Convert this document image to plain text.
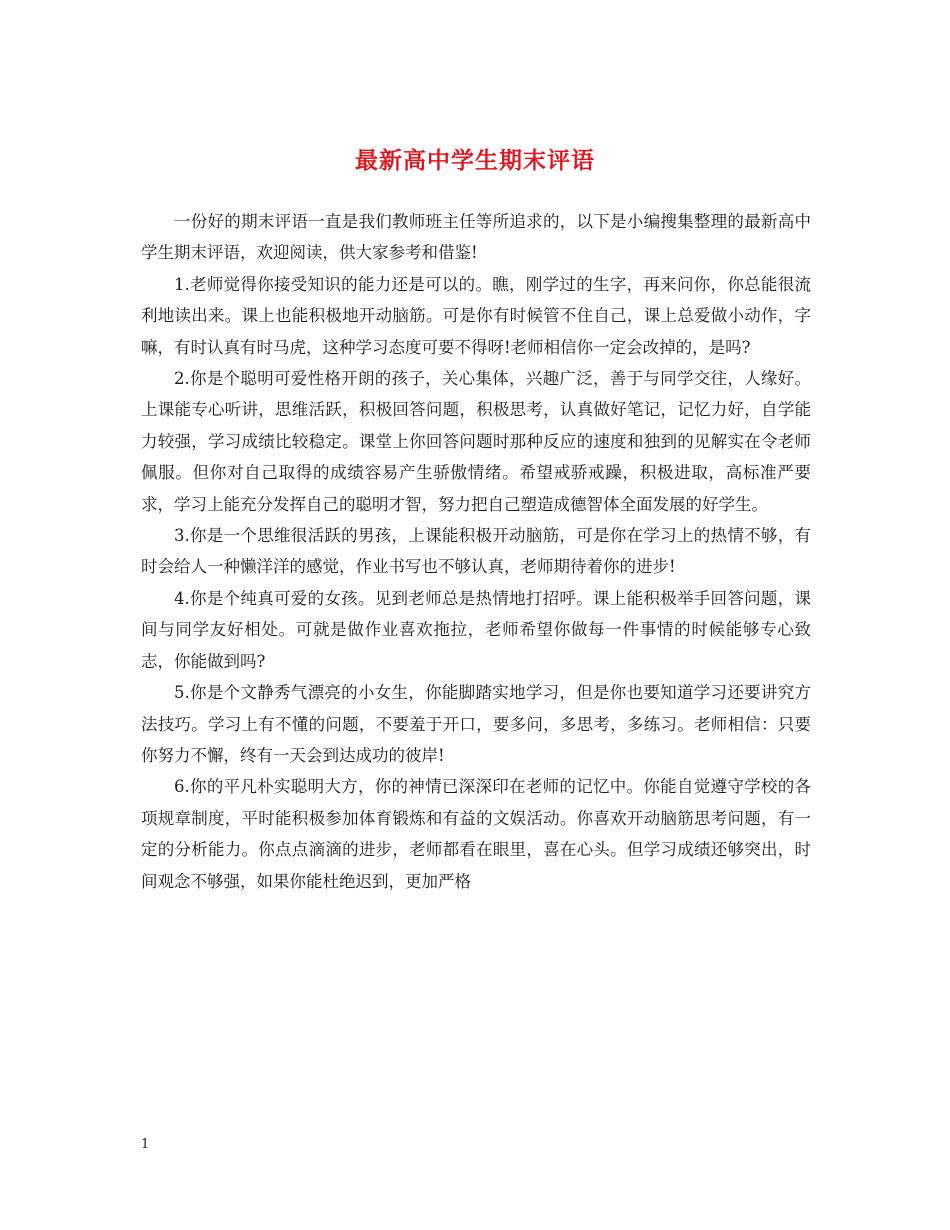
最新高中学生期末评语

一份好的期末评语一直是我们教师班主任等所追求的，以下是小编搜集整理的最新高中学生期末评语，欢迎阅读，供大家参考和借鉴!

1.老师觉得你接受知识的能力还是可以的。瞧，刚学过的生字，再来问你，你总能很流利地读出来。课上也能积极地开动脑筋。可是你有时候管不住自己，课上总爱做小动作，字嘛，有时认真有时马虎，这种学习态度可要不得呀!老师相信你一定会改掉的，是吗?

2.你是个聪明可爱性格开朗的孩子，关心集体，兴趣广泛，善于与同学交往，人缘好。上课能专心听讲，思维活跃，积极回答问题，积极思考，认真做好笔记，记忆力好，自学能力较强，学习成绩比较稳定。课堂上你回答问题时那种反应的速度和独到的见解实在令老师佩服。但你对自己取得的成绩容易产生骄傲情绪。希望戒骄戒躁，积极进取，高标准严要求，学习上能充分发挥自己的聪明才智，努力把自己塑造成德智体全面发展的好学生。

3.你是一个思维很活跃的男孩，上课能积极开动脑筋，可是你在学习上的热情不够，有时会给人一种懒洋洋的感觉，作业书写也不够认真，老师期待着你的进步!

4.你是个纯真可爱的女孩。见到老师总是热情地打招呼。课上能积极举手回答问题，课间与同学友好相处。可就是做作业喜欢拖拉，老师希望你做每一件事情的时候能够专心致志，你能做到吗?

5.你是个文静秀气漂亮的小女生，你能脚踏实地学习，但是你也要知道学习还要讲究方法技巧。学习上有不懂的问题，不要羞于开口，要多问，多思考，多练习。老师相信：只要你努力不懈，终有一天会到达成功的彼岸!

6.你的平凡朴实聪明大方，你的神情已深深印在老师的记忆中。你能自觉遵守学校的各项规章制度，平时能积极参加体育锻炼和有益的文娱活动。你喜欢开动脑筋思考问题，有一定的分析能力。你点点滴滴的进步，老师都看在眼里，喜在心头。但学习成绩还够突出，时间观念不够强，如果你能杜绝迟到，更加严格

1
